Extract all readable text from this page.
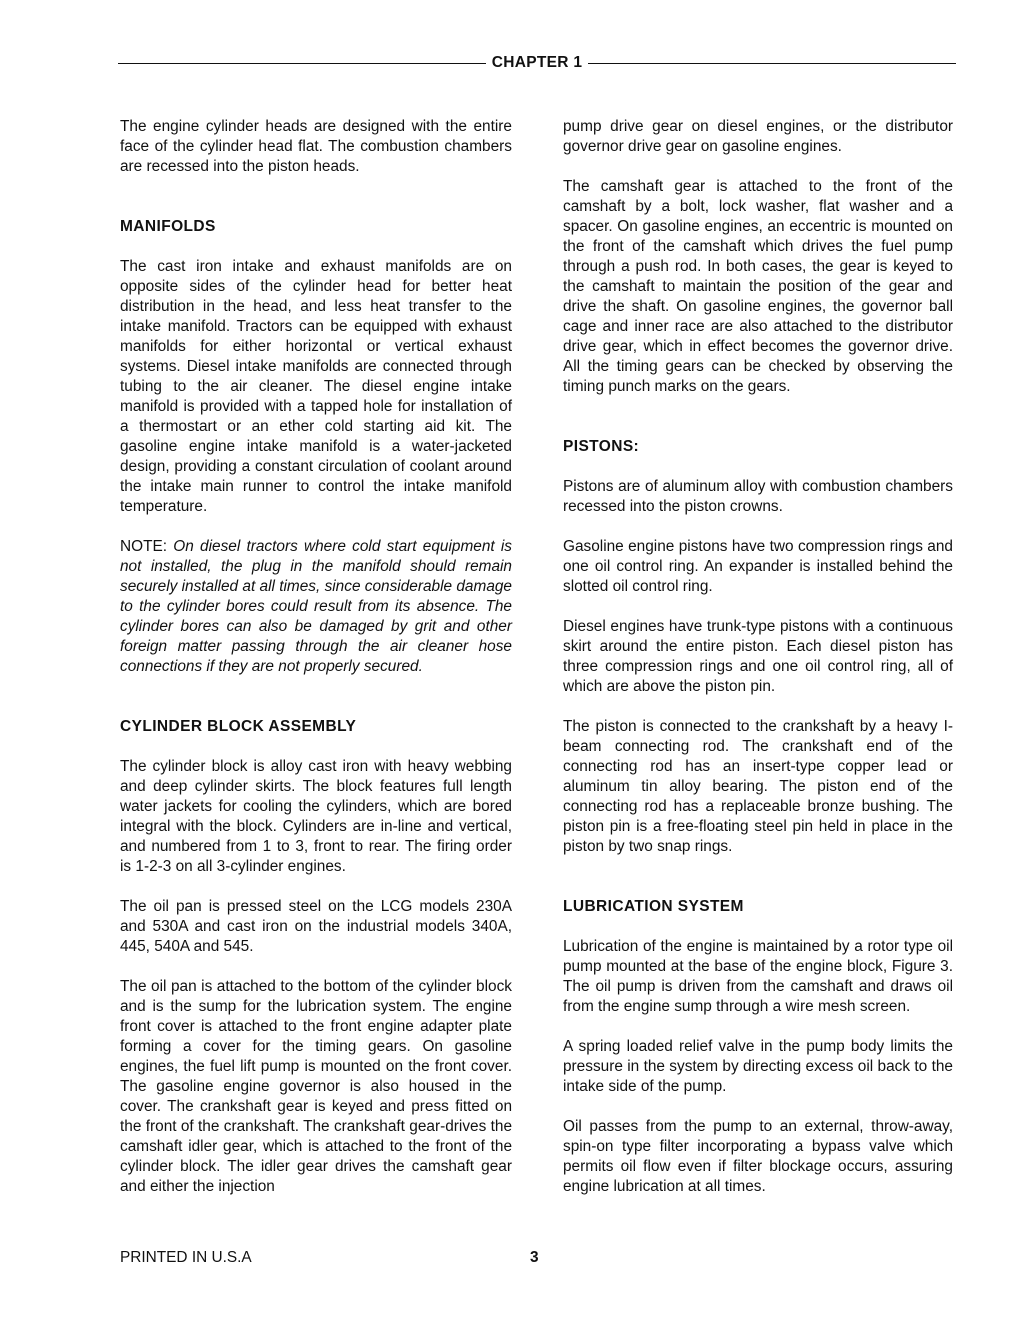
CHAPTER 1

The engine cylinder heads are designed with the entire face of the cylinder head flat. The combustion chambers are recessed into the piston heads.

MANIFOLDS

The cast iron intake and exhaust manifolds are on opposite sides of the cylinder head for better heat distribution in the head, and less heat transfer to the intake manifold. Tractors can be equipped with exhaust manifolds for either horizontal or vertical exhaust systems. Diesel intake manifolds are connected through tubing to the air cleaner. The diesel engine intake manifold is provided with a tapped hole for installation of a thermostart or an ether cold starting aid kit. The gasoline engine intake manifold is a water-jacketed design, providing a constant circulation of coolant around the intake main runner to control the intake manifold temperature.

NOTE: On diesel tractors where cold start equipment is not installed, the plug in the manifold should remain securely installed at all times, since considerable damage to the cylinder bores could result from its absence. The cylinder bores can also be damaged by grit and other foreign matter passing through the air cleaner hose connections if they are not properly secured.

CYLINDER BLOCK ASSEMBLY

The cylinder block is alloy cast iron with heavy webbing and deep cylinder skirts. The block features full length water jackets for cooling the cylinders, which are bored integral with the block. Cylinders are in-line and vertical, and numbered from 1 to 3, front to rear. The firing order is 1-2-3 on all 3-cylinder engines.

The oil pan is pressed steel on the LCG models 230A and 530A and cast iron on the industrial models 340A, 445, 540A and 545.

The oil pan is attached to the bottom of the cylinder block and is the sump for the lubrication system. The engine front cover is attached to the front engine adapter plate forming a cover for the timing gears. On gasoline engines, the fuel lift pump is mounted on the front cover. The gasoline engine governor is also housed in the cover. The crankshaft gear is keyed and press fitted on the front of the crankshaft. The crankshaft gear-drives the camshaft idler gear, which is attached to the front of the cylinder block. The idler gear drives the camshaft gear and either the injection

pump drive gear on diesel engines, or the distributor governor drive gear on gasoline engines.

The camshaft gear is attached to the front of the camshaft by a bolt, lock washer, flat washer and a spacer. On gasoline engines, an eccentric is mounted on the front of the camshaft which drives the fuel pump through a push rod. In both cases, the gear is keyed to the camshaft to maintain the position of the gear and drive the shaft. On gasoline engines, the governor ball cage and inner race are also attached to the distributor drive gear, which in effect becomes the governor drive. All the timing gears can be checked by observing the timing punch marks on the gears.

PISTONS:

Pistons are of aluminum alloy with combustion chambers recessed into the piston crowns.

Gasoline engine pistons have two compression rings and one oil control ring. An expander is installed behind the slotted oil control ring.

Diesel engines have trunk-type pistons with a continuous skirt around the entire piston. Each diesel piston has three compression rings and one oil control ring, all of which are above the piston pin.

The piston is connected to the crankshaft by a heavy I-beam connecting rod. The crankshaft end of the connecting rod has an insert-type copper lead or aluminum tin alloy bearing. The piston end of the connecting rod has a replaceable bronze bushing. The piston pin is a free-floating steel pin held in place in the piston by two snap rings.

LUBRICATION SYSTEM

Lubrication of the engine is maintained by a rotor type oil pump mounted at the base of the engine block, Figure 3. The oil pump is driven from the camshaft and draws oil from the engine sump through a wire mesh screen.

A spring loaded relief valve in the pump body limits the pressure in the system by directing excess oil back to the intake side of the pump.

Oil passes from the pump to an external, throw-away, spin-on type filter incorporating a bypass valve which permits oil flow even if filter blockage occurs, assuring engine lubrication at all times.

PRINTED IN U.S.A	3
